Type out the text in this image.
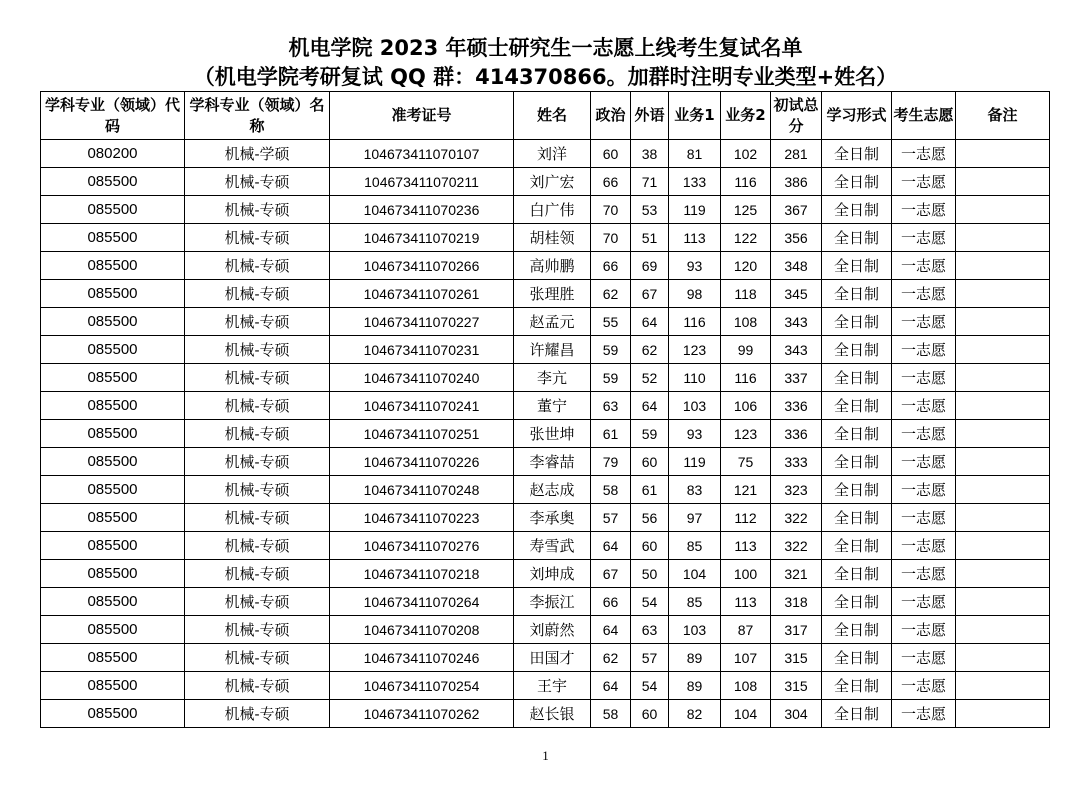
机电学院 2023 年硕士研究生一志愿上线考生复试名单
（机电学院考研复试 QQ 群：414370866。加群时注明专业类型+姓名）
学科专业（领域）代码	学科专业（领域）名称	准考证号	姓名	政治	外语	业务1	业务2	初试总分	学习形式	考生志愿	备注
080200	机械-学硕	104673411070107	刘洋	60	38	81	102	281	全日制	一志愿	
085500	机械-专硕	104673411070211	刘广宏	66	71	133	116	386	全日制	一志愿	
085500	机械-专硕	104673411070236	白广伟	70	53	119	125	367	全日制	一志愿	
085500	机械-专硕	104673411070219	胡桂领	70	51	113	122	356	全日制	一志愿	
085500	机械-专硕	104673411070266	高帅鹏	66	69	93	120	348	全日制	一志愿	
085500	机械-专硕	104673411070261	张理胜	62	67	98	118	345	全日制	一志愿	
085500	机械-专硕	104673411070227	赵孟元	55	64	116	108	343	全日制	一志愿	
085500	机械-专硕	104673411070231	许耀昌	59	62	123	99	343	全日制	一志愿	
085500	机械-专硕	104673411070240	李亢	59	52	110	116	337	全日制	一志愿	
085500	机械-专硕	104673411070241	董宁	63	64	103	106	336	全日制	一志愿	
085500	机械-专硕	104673411070251	张世坤	61	59	93	123	336	全日制	一志愿	
085500	机械-专硕	104673411070226	李睿喆	79	60	119	75	333	全日制	一志愿	
085500	机械-专硕	104673411070248	赵志成	58	61	83	121	323	全日制	一志愿	
085500	机械-专硕	104673411070223	李承奥	57	56	97	112	322	全日制	一志愿	
085500	机械-专硕	104673411070276	寿雪武	64	60	85	113	322	全日制	一志愿	
085500	机械-专硕	104673411070218	刘坤成	67	50	104	100	321	全日制	一志愿	
085500	机械-专硕	104673411070264	李振江	66	54	85	113	318	全日制	一志愿	
085500	机械-专硕	104673411070208	刘蔚然	64	63	103	87	317	全日制	一志愿	
085500	机械-专硕	104673411070246	田国才	62	57	89	107	315	全日制	一志愿	
085500	机械-专硕	104673411070254	王宇	64	54	89	108	315	全日制	一志愿	
085500	机械-专硕	104673411070262	赵长银	58	60	82	104	304	全日制	一志愿	
1
